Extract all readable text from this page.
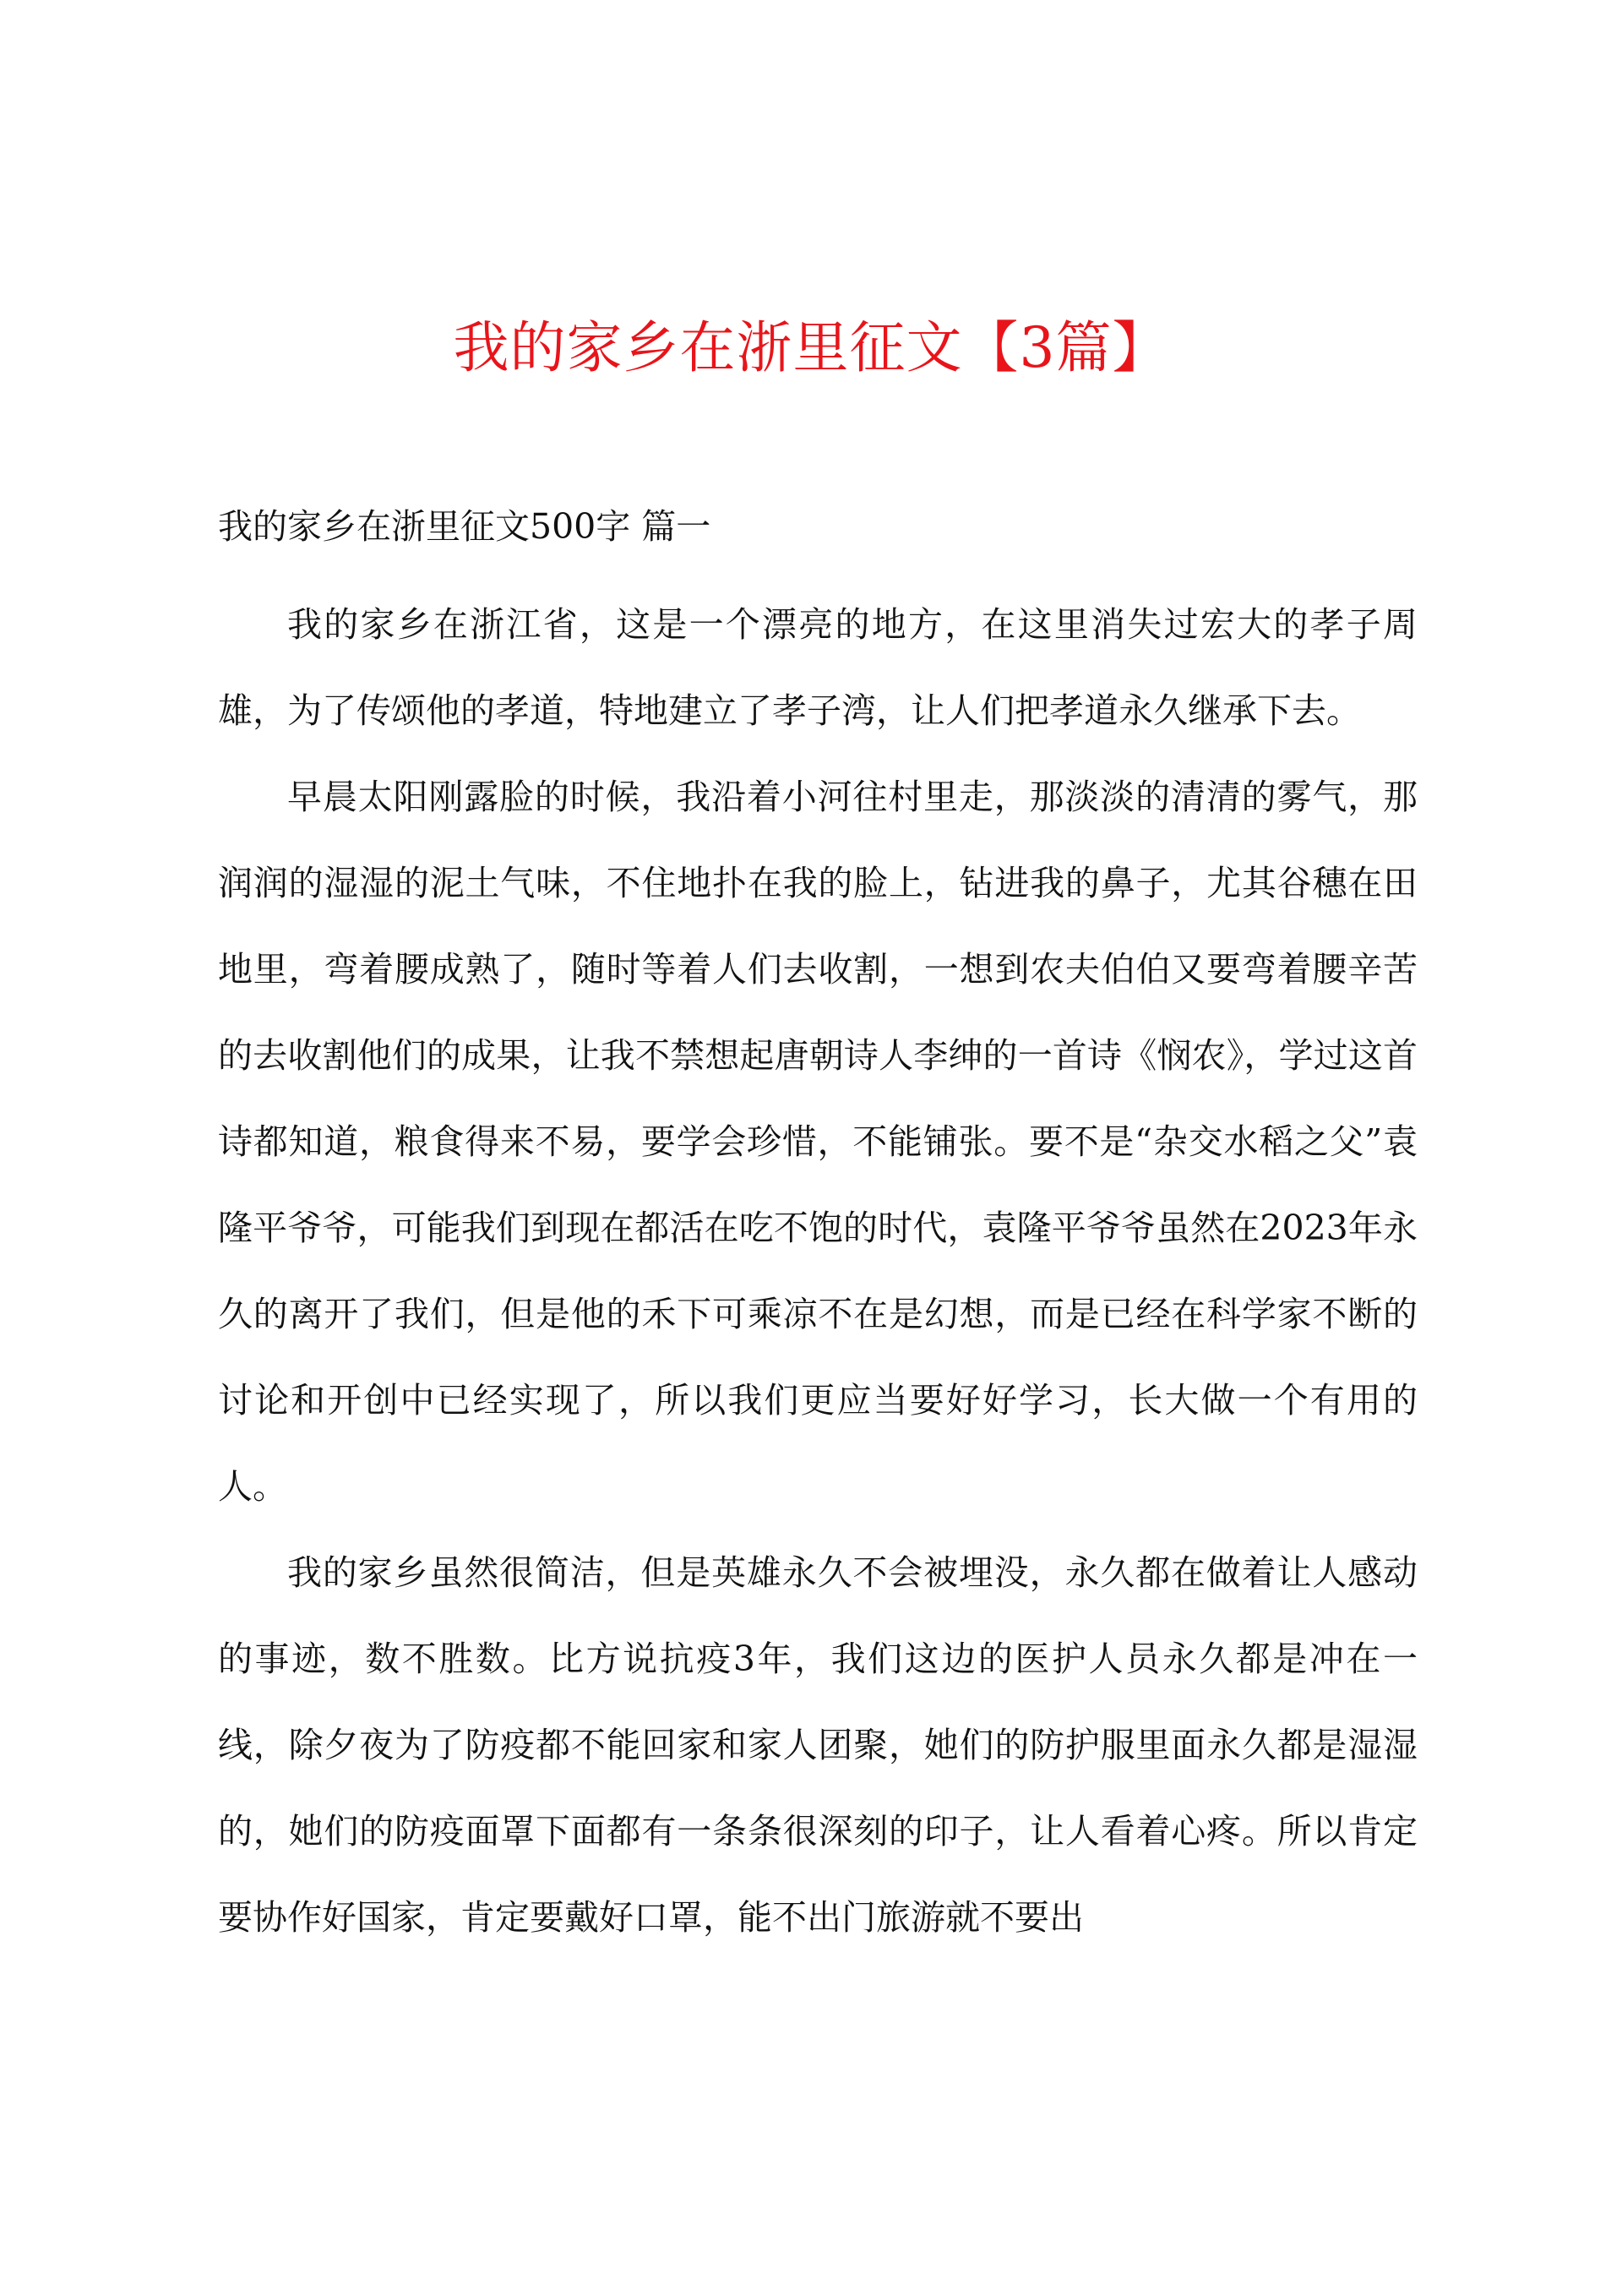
我的家乡在浙里征文【3篇】

我的家乡在浙里征文500字 篇一

我的家乡在浙江省，这是一个漂亮的地方，在这里消失过宏大的孝子周雄，为了传颂他的孝道，特地建立了孝子湾，让人们把孝道永久继承下去。

早晨太阳刚露脸的时候，我沿着小河往村里走，那淡淡的清清的雾气，那润润的湿湿的泥土气味，不住地扑在我的脸上，钻进我的鼻子，尤其谷穗在田地里，弯着腰成熟了，随时等着人们去收割，一想到农夫伯伯又要弯着腰辛苦的去收割他们的成果，让我不禁想起唐朝诗人李绅的一首诗《悯农》，学过这首诗都知道，粮食得来不易，要学会珍惜，不能铺张。要不是“杂交水稻之父”袁隆平爷爷，可能我们到现在都活在吃不饱的时代，袁隆平爷爷虽然在2023年永久的离开了我们，但是他的禾下可乘凉不在是幻想，而是已经在科学家不断的讨论和开创中已经实现了，所以我们更应当要好好学习，长大做一个有用的人。

我的家乡虽然很简洁，但是英雄永久不会被埋没，永久都在做着让人感动的事迹，数不胜数。比方说抗疫3年，我们这边的医护人员永久都是冲在一线，除夕夜为了防疫都不能回家和家人团聚，她们的防护服里面永久都是湿湿的，她们的防疫面罩下面都有一条条很深刻的印子，让人看着心疼。所以肯定要协作好国家，肯定要戴好口罩，能不出门旅游就不要出
